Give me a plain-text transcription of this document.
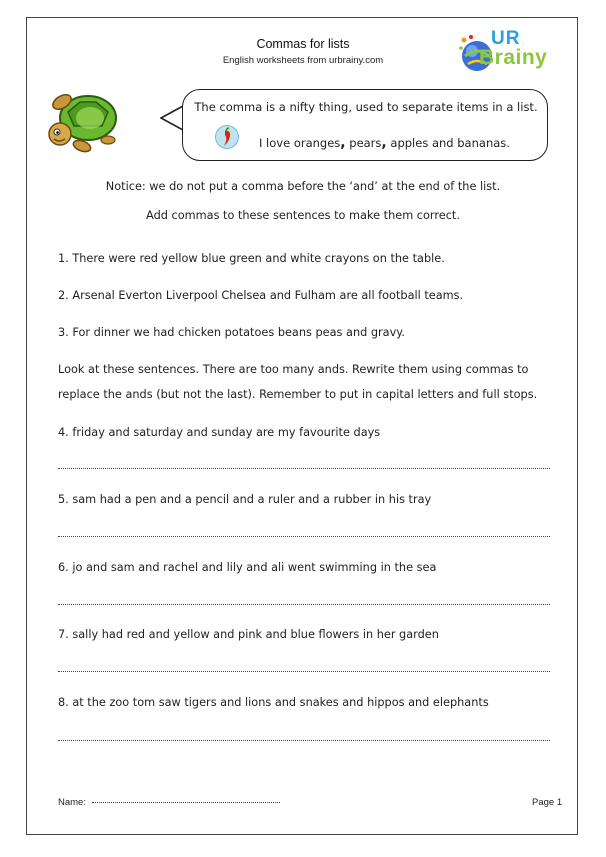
Commas for lists
English worksheets from urbrainy.com
UR
Brainy
The comma is a nifty thing, used to separate items in a list.
I love oranges, pears, apples and bananas.
Notice: we do not put a comma before the ‘and’ at the end of the list.
Add commas to these sentences to make them correct.
1. There were red yellow blue green and white crayons on the table.
2. Arsenal Everton Liverpool Chelsea and Fulham are all football teams.
3. For dinner we had chicken potatoes beans peas and gravy.
Look at these sentences. There are too many ands. Rewrite them using commas to replace the ands (but not the last). Remember to put in capital letters and full stops.
4. friday and saturday and sunday are my favourite days
5. sam had a pen and a pencil and a ruler and a rubber in his tray
6. jo and sam and rachel and lily and ali went swimming in the sea
7. sally had red and yellow and pink and blue flowers in her garden
8. at the zoo tom saw tigers and lions and snakes and hippos and elephants
Name:	Page 1
